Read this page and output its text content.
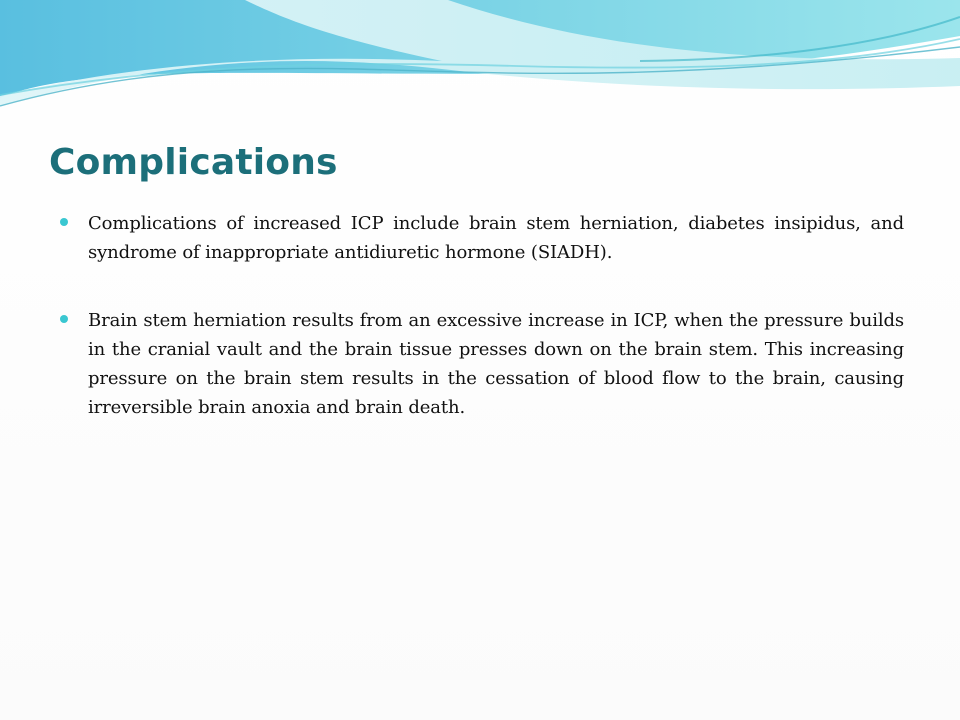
Complications

Complications of increased ICP include brain stem herniation, diabetes insipidus, and syndrome of inappropriate antidiuretic hormone (SIADH).

Brain stem herniation results from an excessive increase in ICP, when the pressure builds in the cranial vault and the brain tissue presses down on the brain stem. This increasing pressure on the brain stem results in the cessation of blood flow to the brain, causing irreversible brain anoxia and brain death.
